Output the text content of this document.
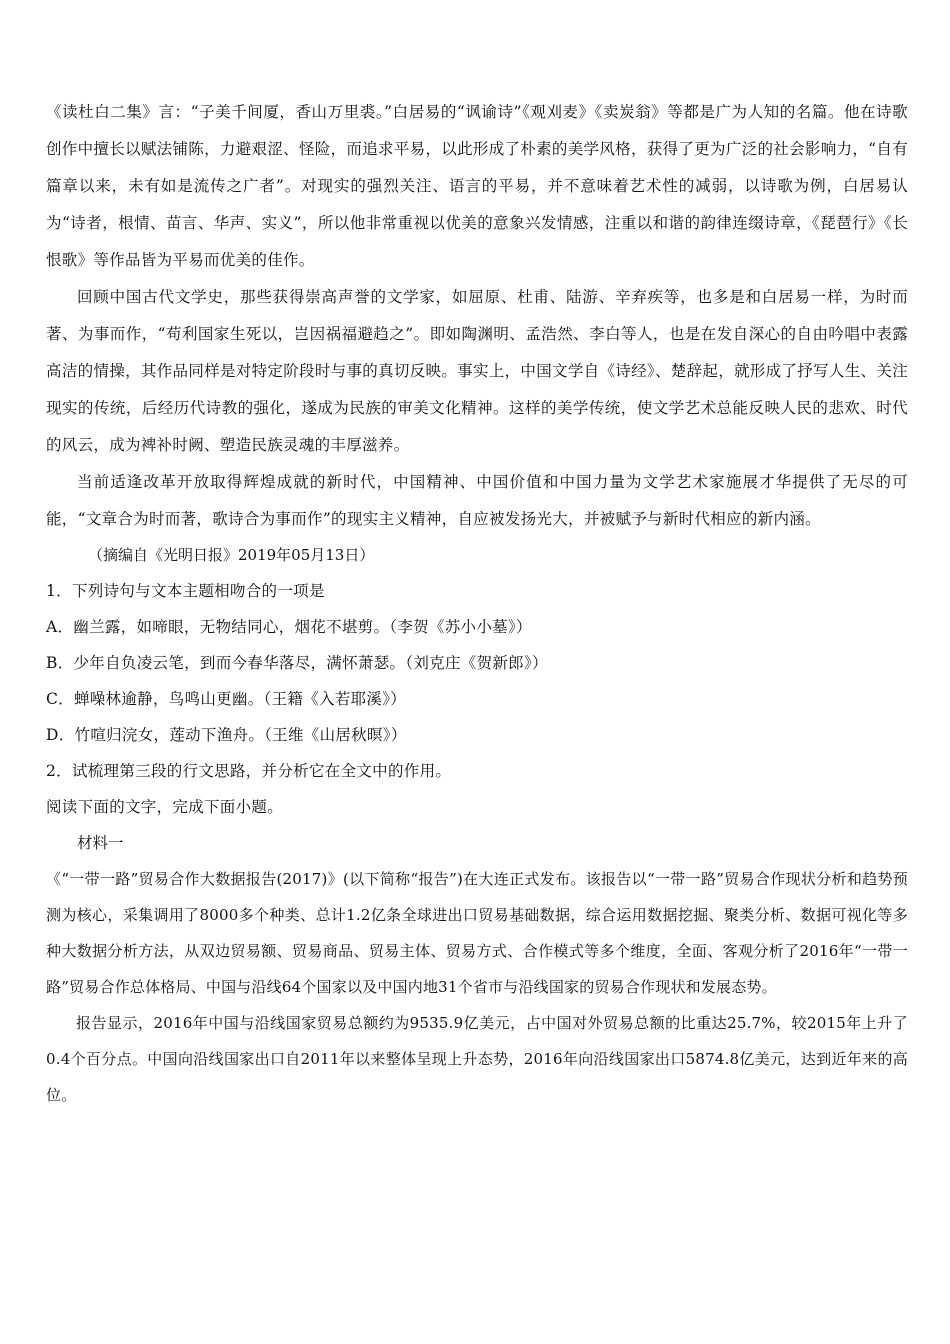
《读杜白二集》言：“子美千间厦，香山万里裘。”白居易的“讽谕诗”《观刈麦》《卖炭翁》等都是广为人知的名篇。他在诗歌创作中擅长以赋法铺陈，力避艰涩、怪险，而追求平易，以此形成了朴素的美学风格，获得了更为广泛的社会影响力，“自有篇章以来，未有如是流传之广者”。对现实的强烈关注、语言的平易，并不意味着艺术性的减弱，以诗歌为例，白居易认为“诗者，根情、苗言、华声、实义”，所以他非常重视以优美的意象兴发情感，注重以和谐的韵律连缀诗章，《琵琶行》《长恨歌》等作品皆为平易而优美的佳作。

回顾中国古代文学史，那些获得崇高声誉的文学家，如屈原、杜甫、陆游、辛弃疾等，也多是和白居易一样，为时而著、为事而作，“苟利国家生死以，岂因祸福避趋之”。即如陶渊明、孟浩然、李白等人，也是在发自深心的自由吟唱中表露高洁的情操，其作品同样是对特定阶段时与事的真切反映。事实上，中国文学自《诗经》、楚辞起，就形成了抒写人生、关注现实的传统，后经历代诗教的强化，遂成为民族的审美文化精神。这样的美学传统，使文学艺术总能反映人民的悲欢、时代的风云，成为裨补时阙、塑造民族灵魂的丰厚滋养。

当前适逢改革开放取得辉煌成就的新时代，中国精神、中国价值和中国力量为文学艺术家施展才华提供了无尽的可能，“文章合为时而著，歌诗合为事而作”的现实主义精神，自应被发扬光大，并被赋予与新时代相应的新内涵。

（摘编自《光明日报》2019年05月13日）

1．下列诗句与文本主题相吻合的一项是

A．幽兰露，如啼眼，无物结同心，烟花不堪剪。（李贺《苏小小墓》）

B．少年自负凌云笔，到而今春华落尽，满怀萧瑟。（刘克庄《贺新郎》）

C．蝉噪林逾静，鸟鸣山更幽。（王籍《入若耶溪》）

D．竹喧归浣女，莲动下渔舟。（王维《山居秋暝》）

2．试梳理第三段的行文思路，并分析它在全文中的作用。

阅读下面的文字，完成下面小题。

材料一

《“一带一路”贸易合作大数据报告(2017)》(以下简称“报告”)在大连正式发布。该报告以“一带一路”贸易合作现状分析和趋势预测为核心，采集调用了8000多个种类、总计1.2亿条全球进出口贸易基础数据，综合运用数据挖掘、聚类分析、数据可视化等多种大数据分析方法，从双边贸易额、贸易商品、贸易主体、贸易方式、合作模式等多个维度，全面、客观分析了2016年“一带一路”贸易合作总体格局、中国与沿线64个国家以及中国内地31个省市与沿线国家的贸易合作现状和发展态势。

报告显示，2016年中国与沿线国家贸易总额约为9535.9亿美元，占中国对外贸易总额的比重达25.7%，较2015年上升了0.4个百分点。中国向沿线国家出口自2011年以来整体呈现上升态势，2016年向沿线国家出口5874.8亿美元，达到近年来的高位。
